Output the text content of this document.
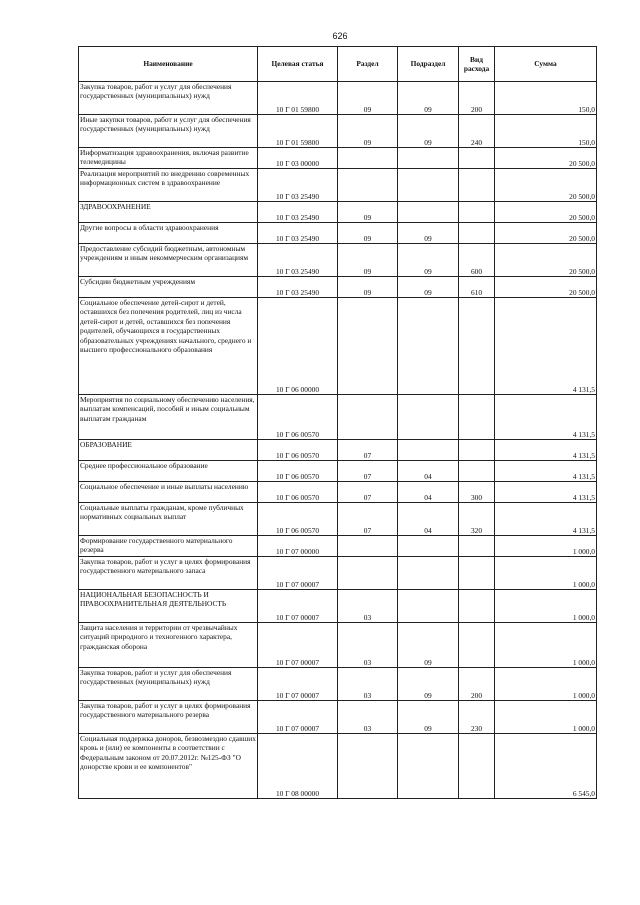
626
Наименование	Целевая статья	Раздел	Подраздел	Вид расхода	Сумма
Закупка товаров, работ и услуг для обеспечения государственных (муниципальных) нужд	10 Г 01 59800	09	09	200	150,0
Иные закупки товаров, работ и услуг для обеспечения государственных (муниципальных) нужд	10 Г 01 59800	09	09	240	150,0
Информатизация здравоохранения, включая развитие телемедицины	10 Г 03 00000				20 500,0
Реализация мероприятий по внедрению современных информационных систем в здравоохранение	10 Г 03 25490				20 500,0
ЗДРАВООХРАНЕНИЕ	10 Г 03 25490	09			20 500,0
Другие вопросы в области здравоохранения	10 Г 03 25490	09	09		20 500,0
Предоставление субсидий бюджетным, автономным учреждениям и иным некоммерческим организациям	10 Г 03 25490	09	09	600	20 500,0
Субсидии бюджетным учреждениям	10 Г 03 25490	09	09	610	20 500,0
Социальное обеспечение детей-сирот и детей, оставшихся без попечения родителей, лиц из числа детей-сирот и детей, оставшихся без попечения родителей, обучающихся в государственных образовательных учреждениях начального, среднего и высшего профессионального образования	10 Г 06 00000				4 131,5
Мероприятия по социальному обеспечению населения, выплатам компенсаций, пособий и иным социальным выплатам гражданам	10 Г 06 00570				4 131,5
ОБРАЗОВАНИЕ	10 Г 06 00570	07			4 131,5
Среднее профессиональное образование	10 Г 06 00570	07	04		4 131,5
Социальное обеспечение и иные выплаты населению	10 Г 06 00570	07	04	300	4 131,5
Социальные выплаты гражданам, кроме публичных нормативных социальных выплат	10 Г 06 00570	07	04	320	4 131,5
Формирование государственного материального резерва	10 Г 07 00000				1 000,0
Закупка товаров, работ и услуг в целях формирования государственного материального запаса	10 Г 07 00007				1 000,0
НАЦИОНАЛЬНАЯ БЕЗОПАСНОСТЬ И ПРАВООХРАНИТЕЛЬНАЯ ДЕЯТЕЛЬНОСТЬ	10 Г 07 00007	03			1 000,0
Защита населения и территории от чрезвычайных ситуаций природного и техногенного характера, гражданская оборона	10 Г 07 00007	03	09		1 000,0
Закупка товаров, работ и услуг для обеспечения государственных (муниципальных) нужд	10 Г 07 00007	03	09	200	1 000,0
Закупка товаров, работ и услуг в целях формирования государственного материального резерва	10 Г 07 00007	03	09	230	1 000,0
Социальная поддержка доноров, безвозмездно сдавших кровь и (или) ее компоненты в соответствии с Федеральным законом от 20.07.2012г. №125-ФЗ "О донорстве крови и ее компонентов"	10 Г 08 00000				6 545,0
